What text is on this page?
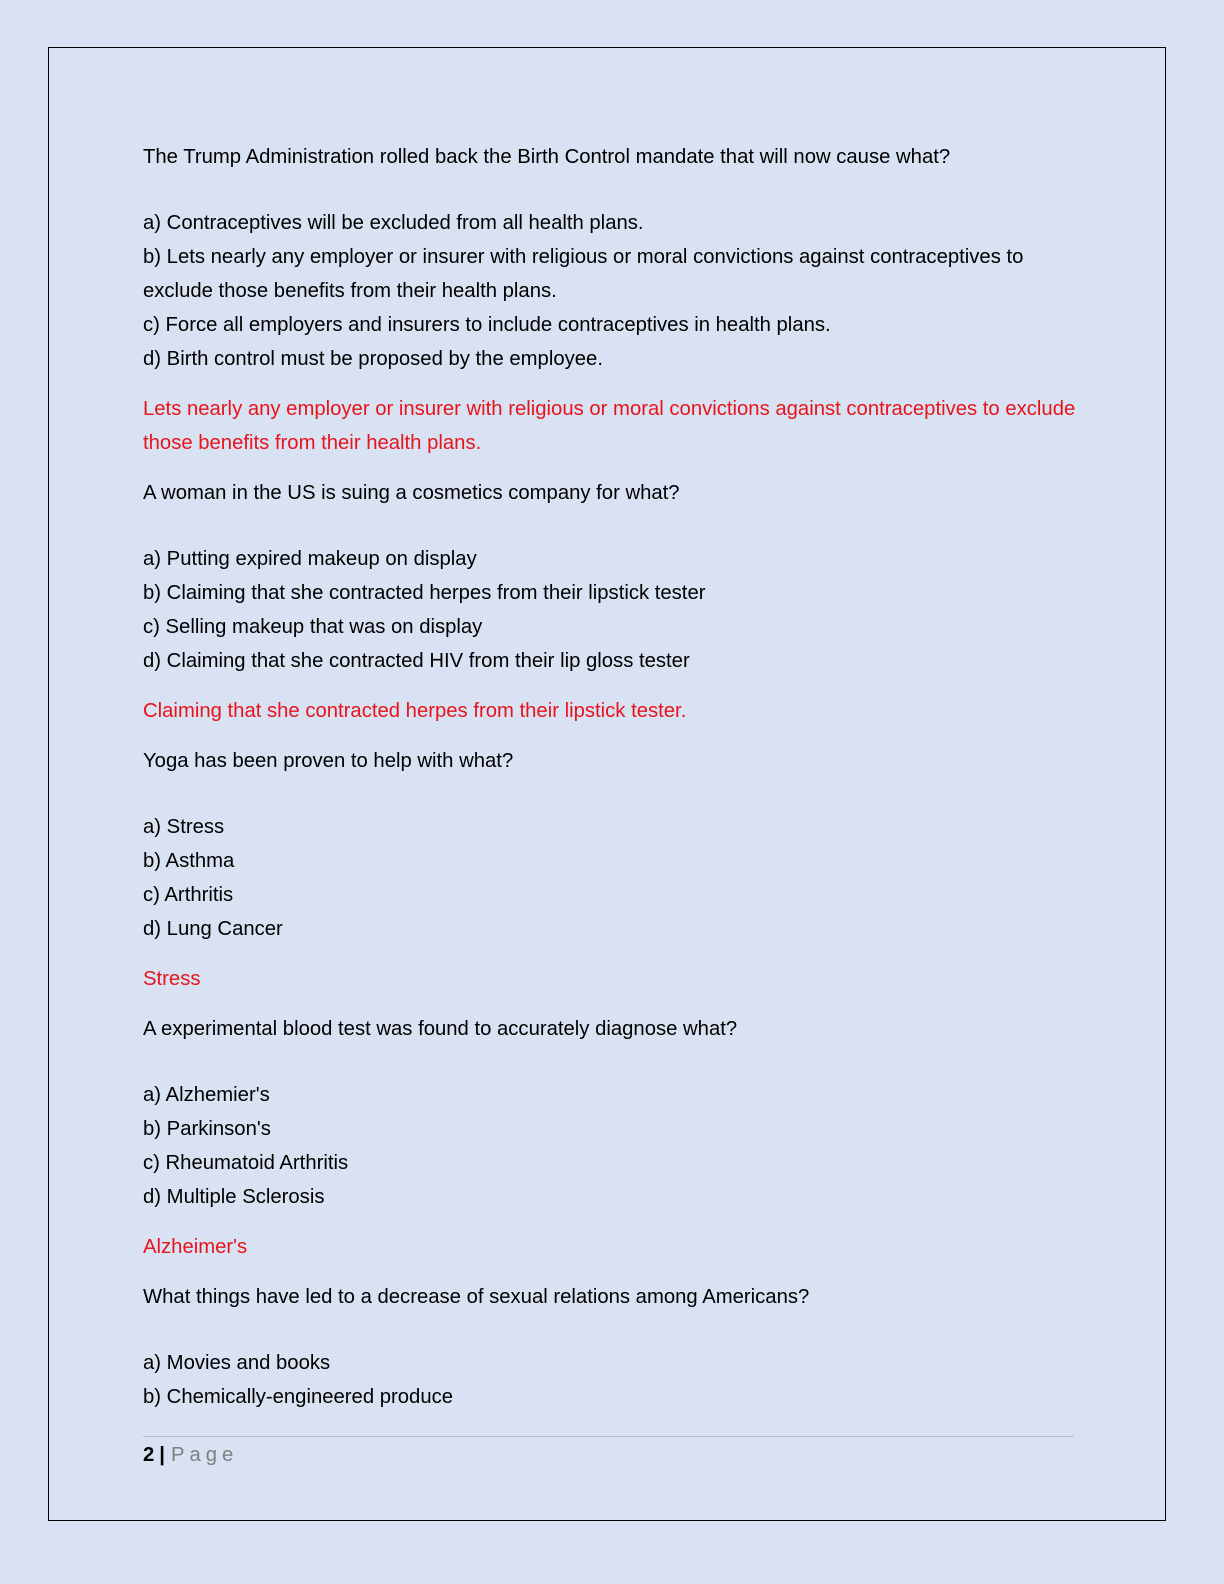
The Trump Administration rolled back the Birth Control mandate that will now cause what?

a) Contraceptives will be excluded from all health plans.

b) Lets nearly any employer or insurer with religious or moral convictions against contraceptives to exclude those benefits from their health plans.

c) Force all employers and insurers to include contraceptives in health plans.

d) Birth control must be proposed by the employee.

Lets nearly any employer or insurer with religious or moral convictions against contraceptives to exclude those benefits from their health plans.

A woman in the US is suing a cosmetics company for what?

a) Putting expired makeup on display

b) Claiming that she contracted herpes from their lipstick tester

c) Selling makeup that was on display

d) Claiming that she contracted HIV from their lip gloss tester

Claiming that she contracted herpes from their lipstick tester.

Yoga has been proven to help with what?

a) Stress

b) Asthma

c) Arthritis

d) Lung Cancer

Stress

A experimental blood test was found to accurately diagnose what?

a) Alzhemier's

b) Parkinson's

c) Rheumatoid Arthritis

d) Multiple Sclerosis

Alzheimer's

What things have led to a decrease of sexual relations among Americans?

a) Movies and books

b) Chemically-engineered produce

2 | Page
